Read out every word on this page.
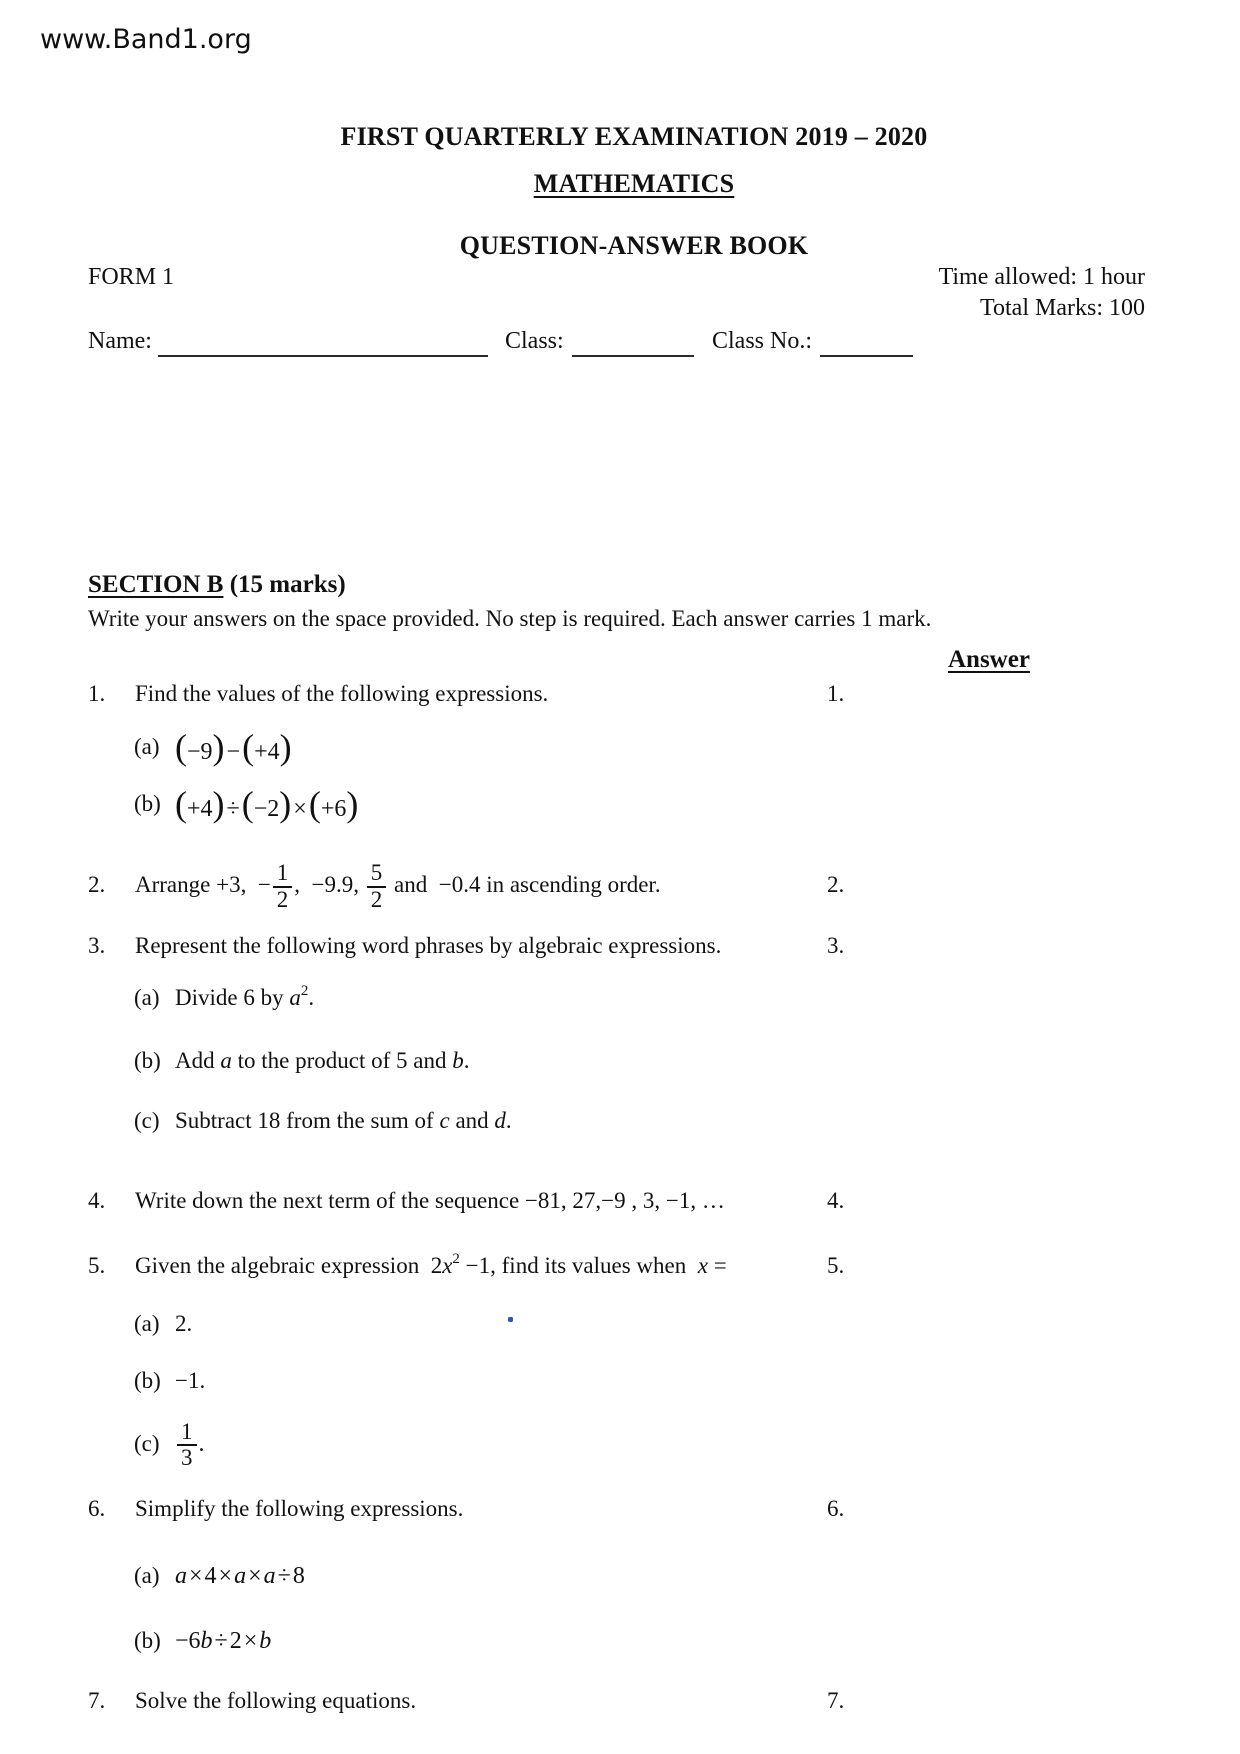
www.Band1.org
FIRST QUARTERLY EXAMINATION 2019 – 2020
MATHEMATICS
QUESTION-ANSWER BOOK
FORM 1	Time allowed: 1 hour
Total Marks: 100
Name:	Class:	Class No.:
SECTION B (15 marks)
Write your answers on the space provided. No step is required. Each answer carries 1 mark.
Answer
1. Find the values of the following expressions.	1.
(a) (−9)−(+4)
(b) (+4)÷(−2)×(+6)
2. Arrange +3,  − $\frac{1}{2}$ ,  −9.9, $\frac{5}{2}$ and  −0.4 in ascending order.	2.
3. Represent the following word phrases by algebraic expressions.	3.
(a) Divide 6 by $a^2$.
(b) Add a to the product of 5 and b.
(c) Subtract 18 from the sum of c and d.
4. Write down the next term of the sequence −81, 27,−9 , 3, −1, …	4.
5. Given the algebraic expression  $2x^2 -1$, find its values when  x =	5.
(a) 2.
(b) −1.
$(c) \frac{1}{3}$ .
6. Simplify the following expressions.	6.
(a) a×4×a×a÷8
(b) −6b÷2×b
7. Solve the following equations.	7.
